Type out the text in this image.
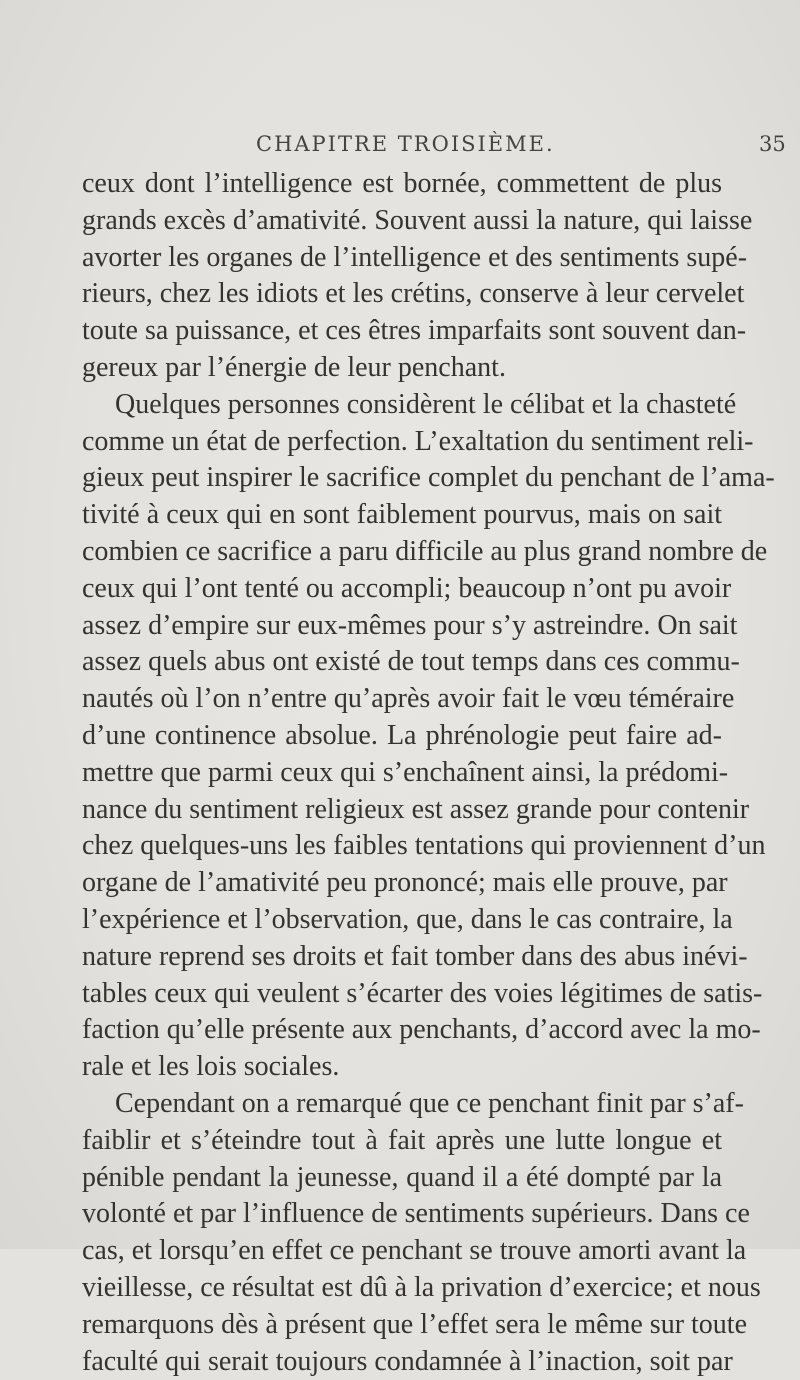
CHAPITRE TROISIÈME.	35
ceux dont l’intelligence est bornée, commettent de plus
grands excès d’amativité. Souvent aussi la nature, qui laisse
avorter les organes de l’intelligence et des sentiments supé-
rieurs, chez les idiots et les crétins, conserve à leur cervelet
toute sa puissance, et ces êtres imparfaits sont souvent dan-
gereux par l’énergie de leur penchant.
Quelques personnes considèrent le célibat et la chasteté
comme un état de perfection. L’exaltation du sentiment reli-
gieux peut inspirer le sacrifice complet du penchant de l’ama-
tivité à ceux qui en sont faiblement pourvus, mais on sait
combien ce sacrifice a paru difficile au plus grand nombre de
ceux qui l’ont tenté ou accompli; beaucoup n’ont pu avoir
assez d’empire sur eux-mêmes pour s’y astreindre. On sait
assez quels abus ont existé de tout temps dans ces commu-
nautés où l’on n’entre qu’après avoir fait le vœu téméraire
d’une continence absolue. La phrénologie peut faire ad-
mettre que parmi ceux qui s’enchaînent ainsi, la prédomi-
nance du sentiment religieux est assez grande pour contenir
chez quelques-uns les faibles tentations qui proviennent d’un
organe de l’amativité peu prononcé; mais elle prouve, par
l’expérience et l’observation, que, dans le cas contraire, la
nature reprend ses droits et fait tomber dans des abus inévi-
tables ceux qui veulent s’écarter des voies légitimes de satis-
faction qu’elle présente aux penchants, d’accord avec la mo-
rale et les lois sociales.
Cependant on a remarqué que ce penchant finit par s’af-
faiblir et s’éteindre tout à fait après une lutte longue et
pénible pendant la jeunesse, quand il a été dompté par la
volonté et par l’influence de sentiments supérieurs. Dans ce
cas, et lorsqu’en effet ce penchant se trouve amorti avant la
vieillesse, ce résultat est dû à la privation d’exercice; et nous
remarquons dès à présent que l’effet sera le même sur toute
faculté qui serait toujours condamnée à l’inaction, soit par
